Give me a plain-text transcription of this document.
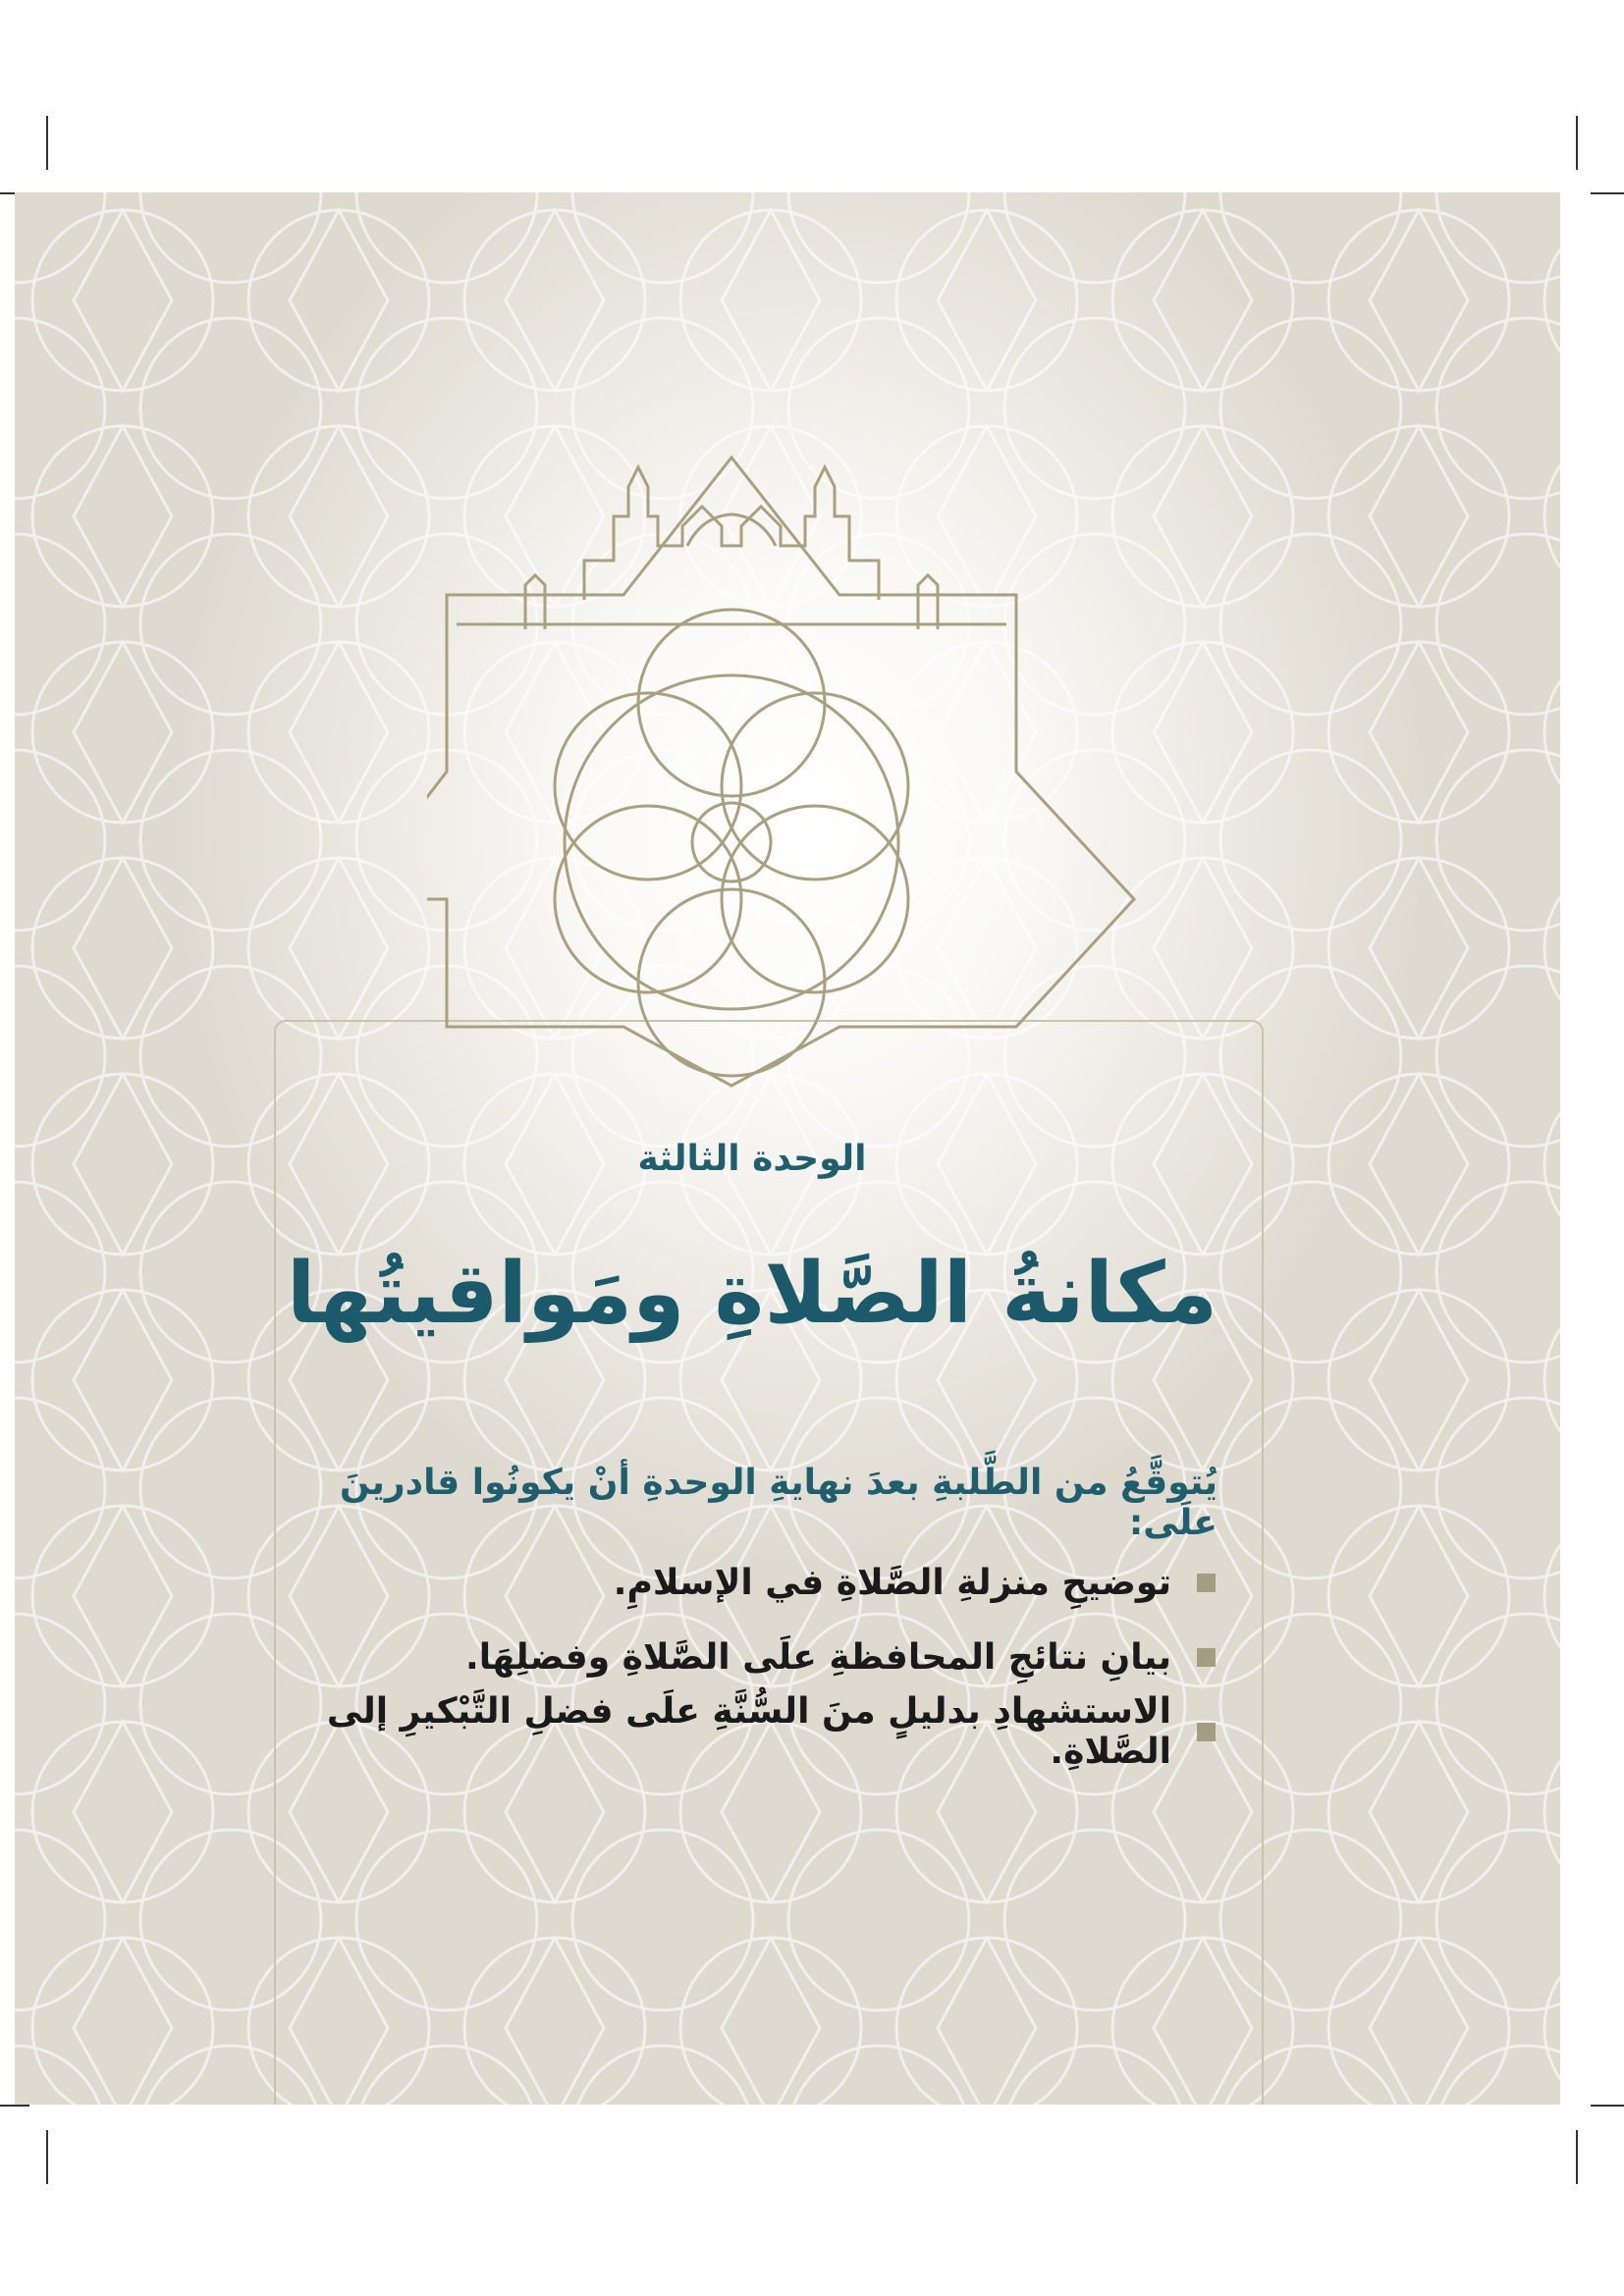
الوحدة الثالثة
مكانةُ الصَّلاةِ ومَواقيتُها
يُتوقَّعُ من الطَّلبةِ بعدَ نهايةِ الوحدةِ أنْ يكونُوا قادرينَ علَى:
توضيحِ منزلةِ الصَّلاةِ في الإسلامِ.
بيانِ نتائجِ المحافظةِ علَى الصَّلاةِ وفضلِهَا.
الاستشهادِ بدليلٍ منَ السُّنَّةِ علَى فضلِ التَّبْكيرِ إلى الصَّلاةِ.
